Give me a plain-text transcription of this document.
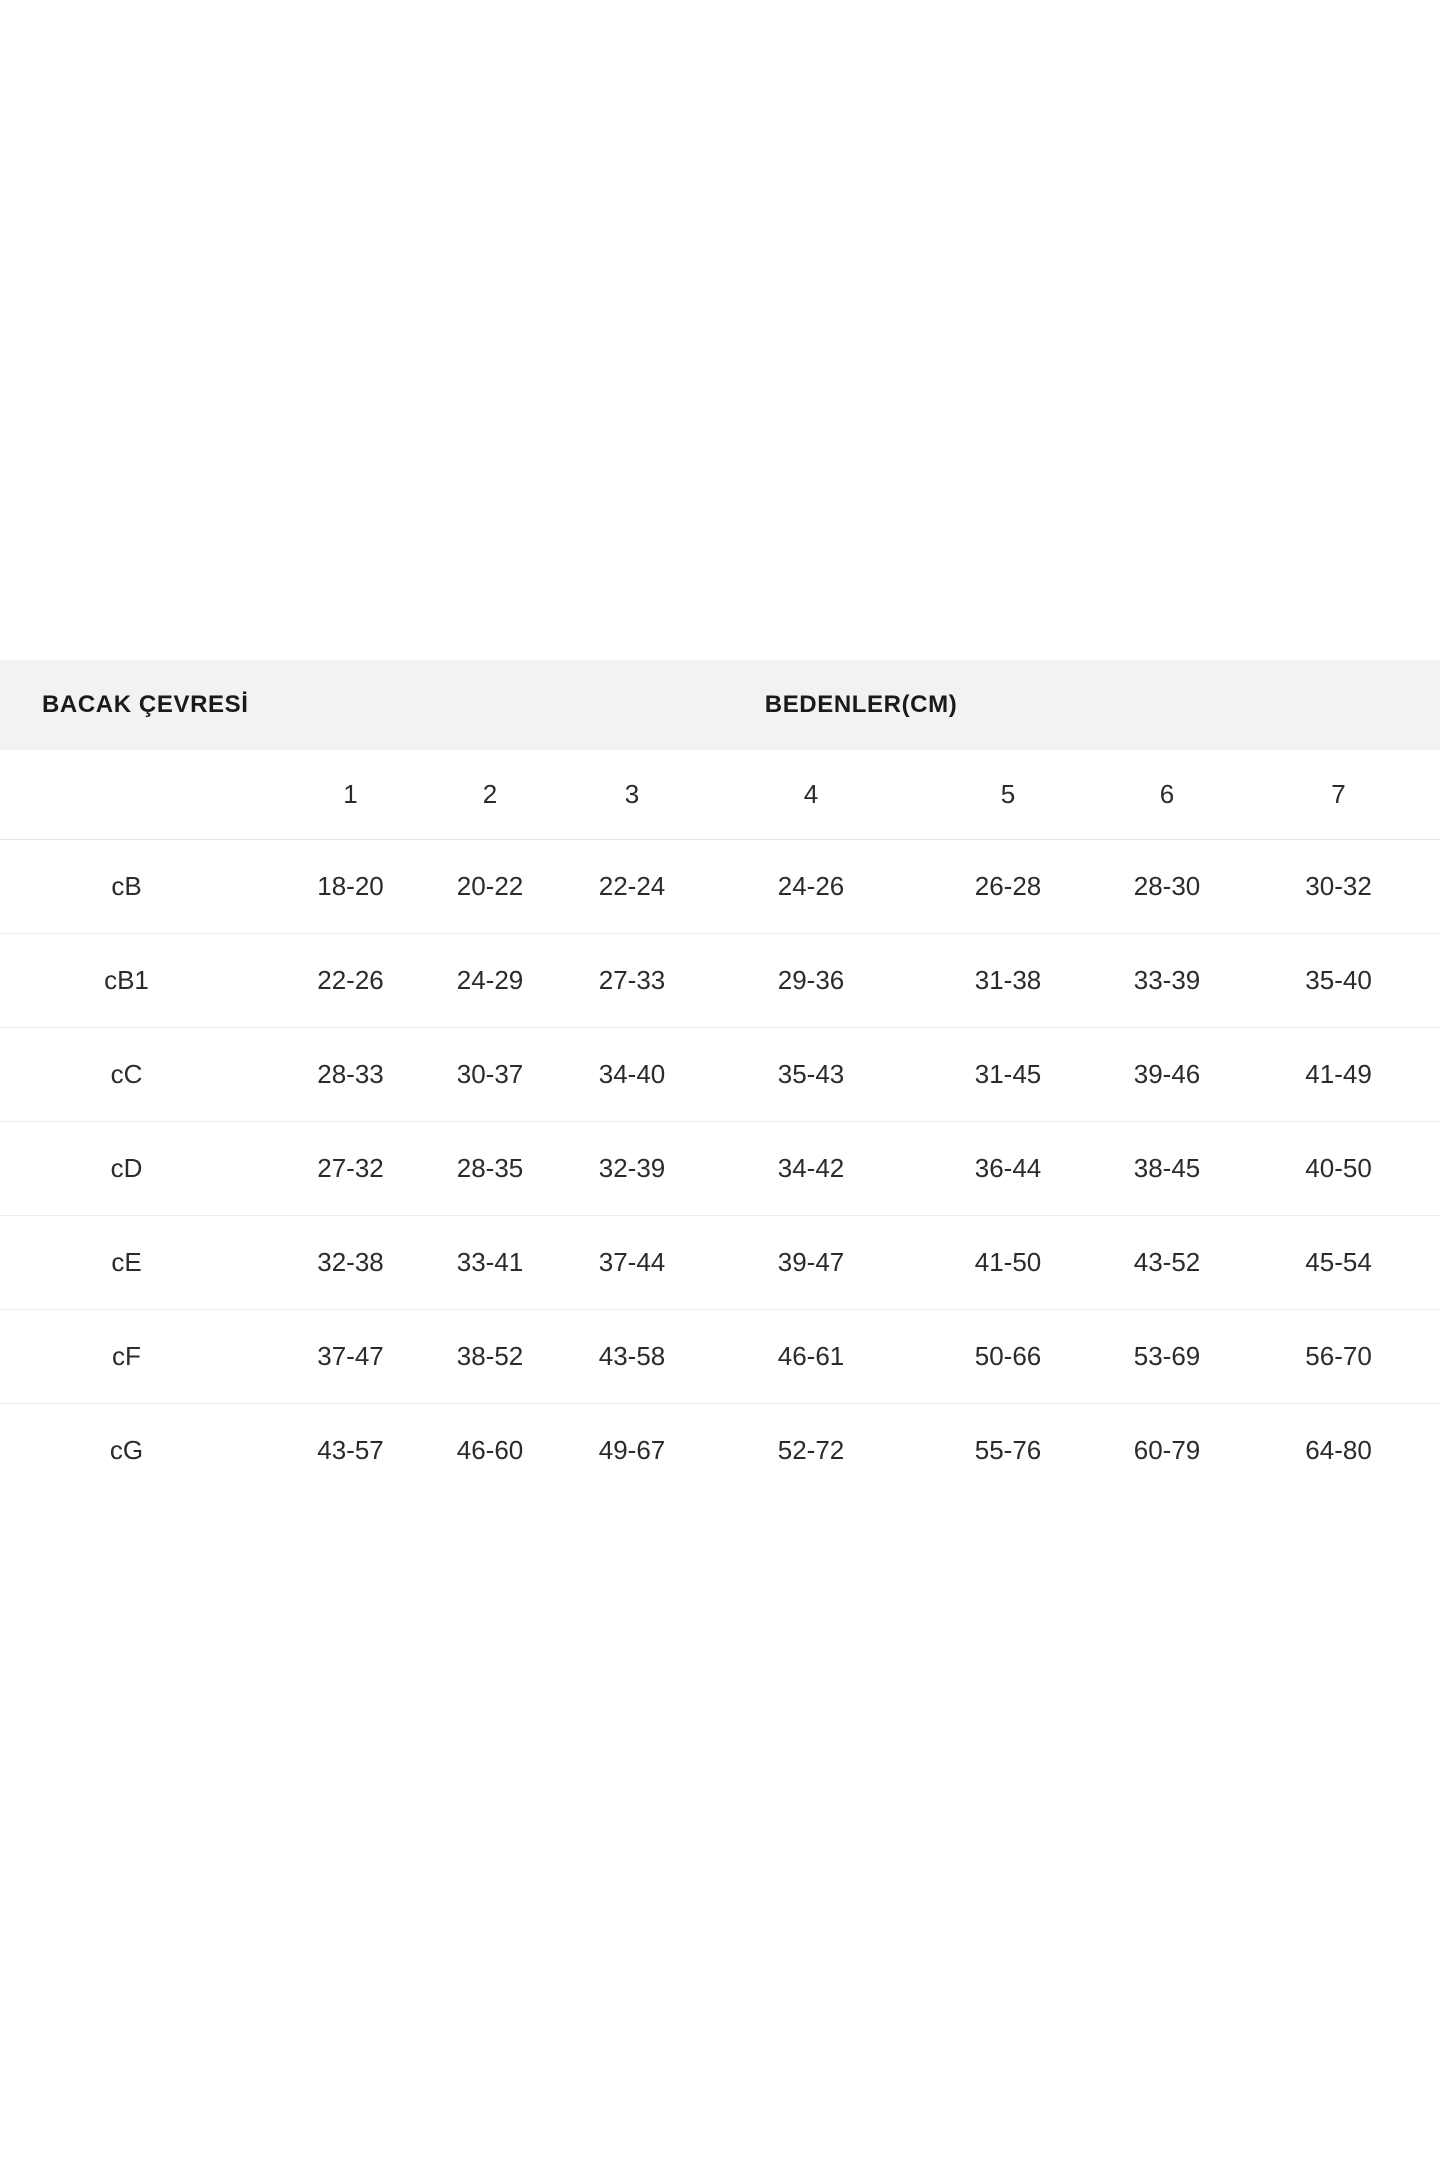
BACAK ÇEVRESİ	BEDENLER(CM)						
	1	2	3	4	5	6	7
cB	18-20	20-22	22-24	24-26	26-28	28-30	30-32
cB1	22-26	24-29	27-33	29-36	31-38	33-39	35-40
cC	28-33	30-37	34-40	35-43	31-45	39-46	41-49
cD	27-32	28-35	32-39	34-42	36-44	38-45	40-50
cE	32-38	33-41	37-44	39-47	41-50	43-52	45-54
cF	37-47	38-52	43-58	46-61	50-66	53-69	56-70
cG	43-57	46-60	49-67	52-72	55-76	60-79	64-80
